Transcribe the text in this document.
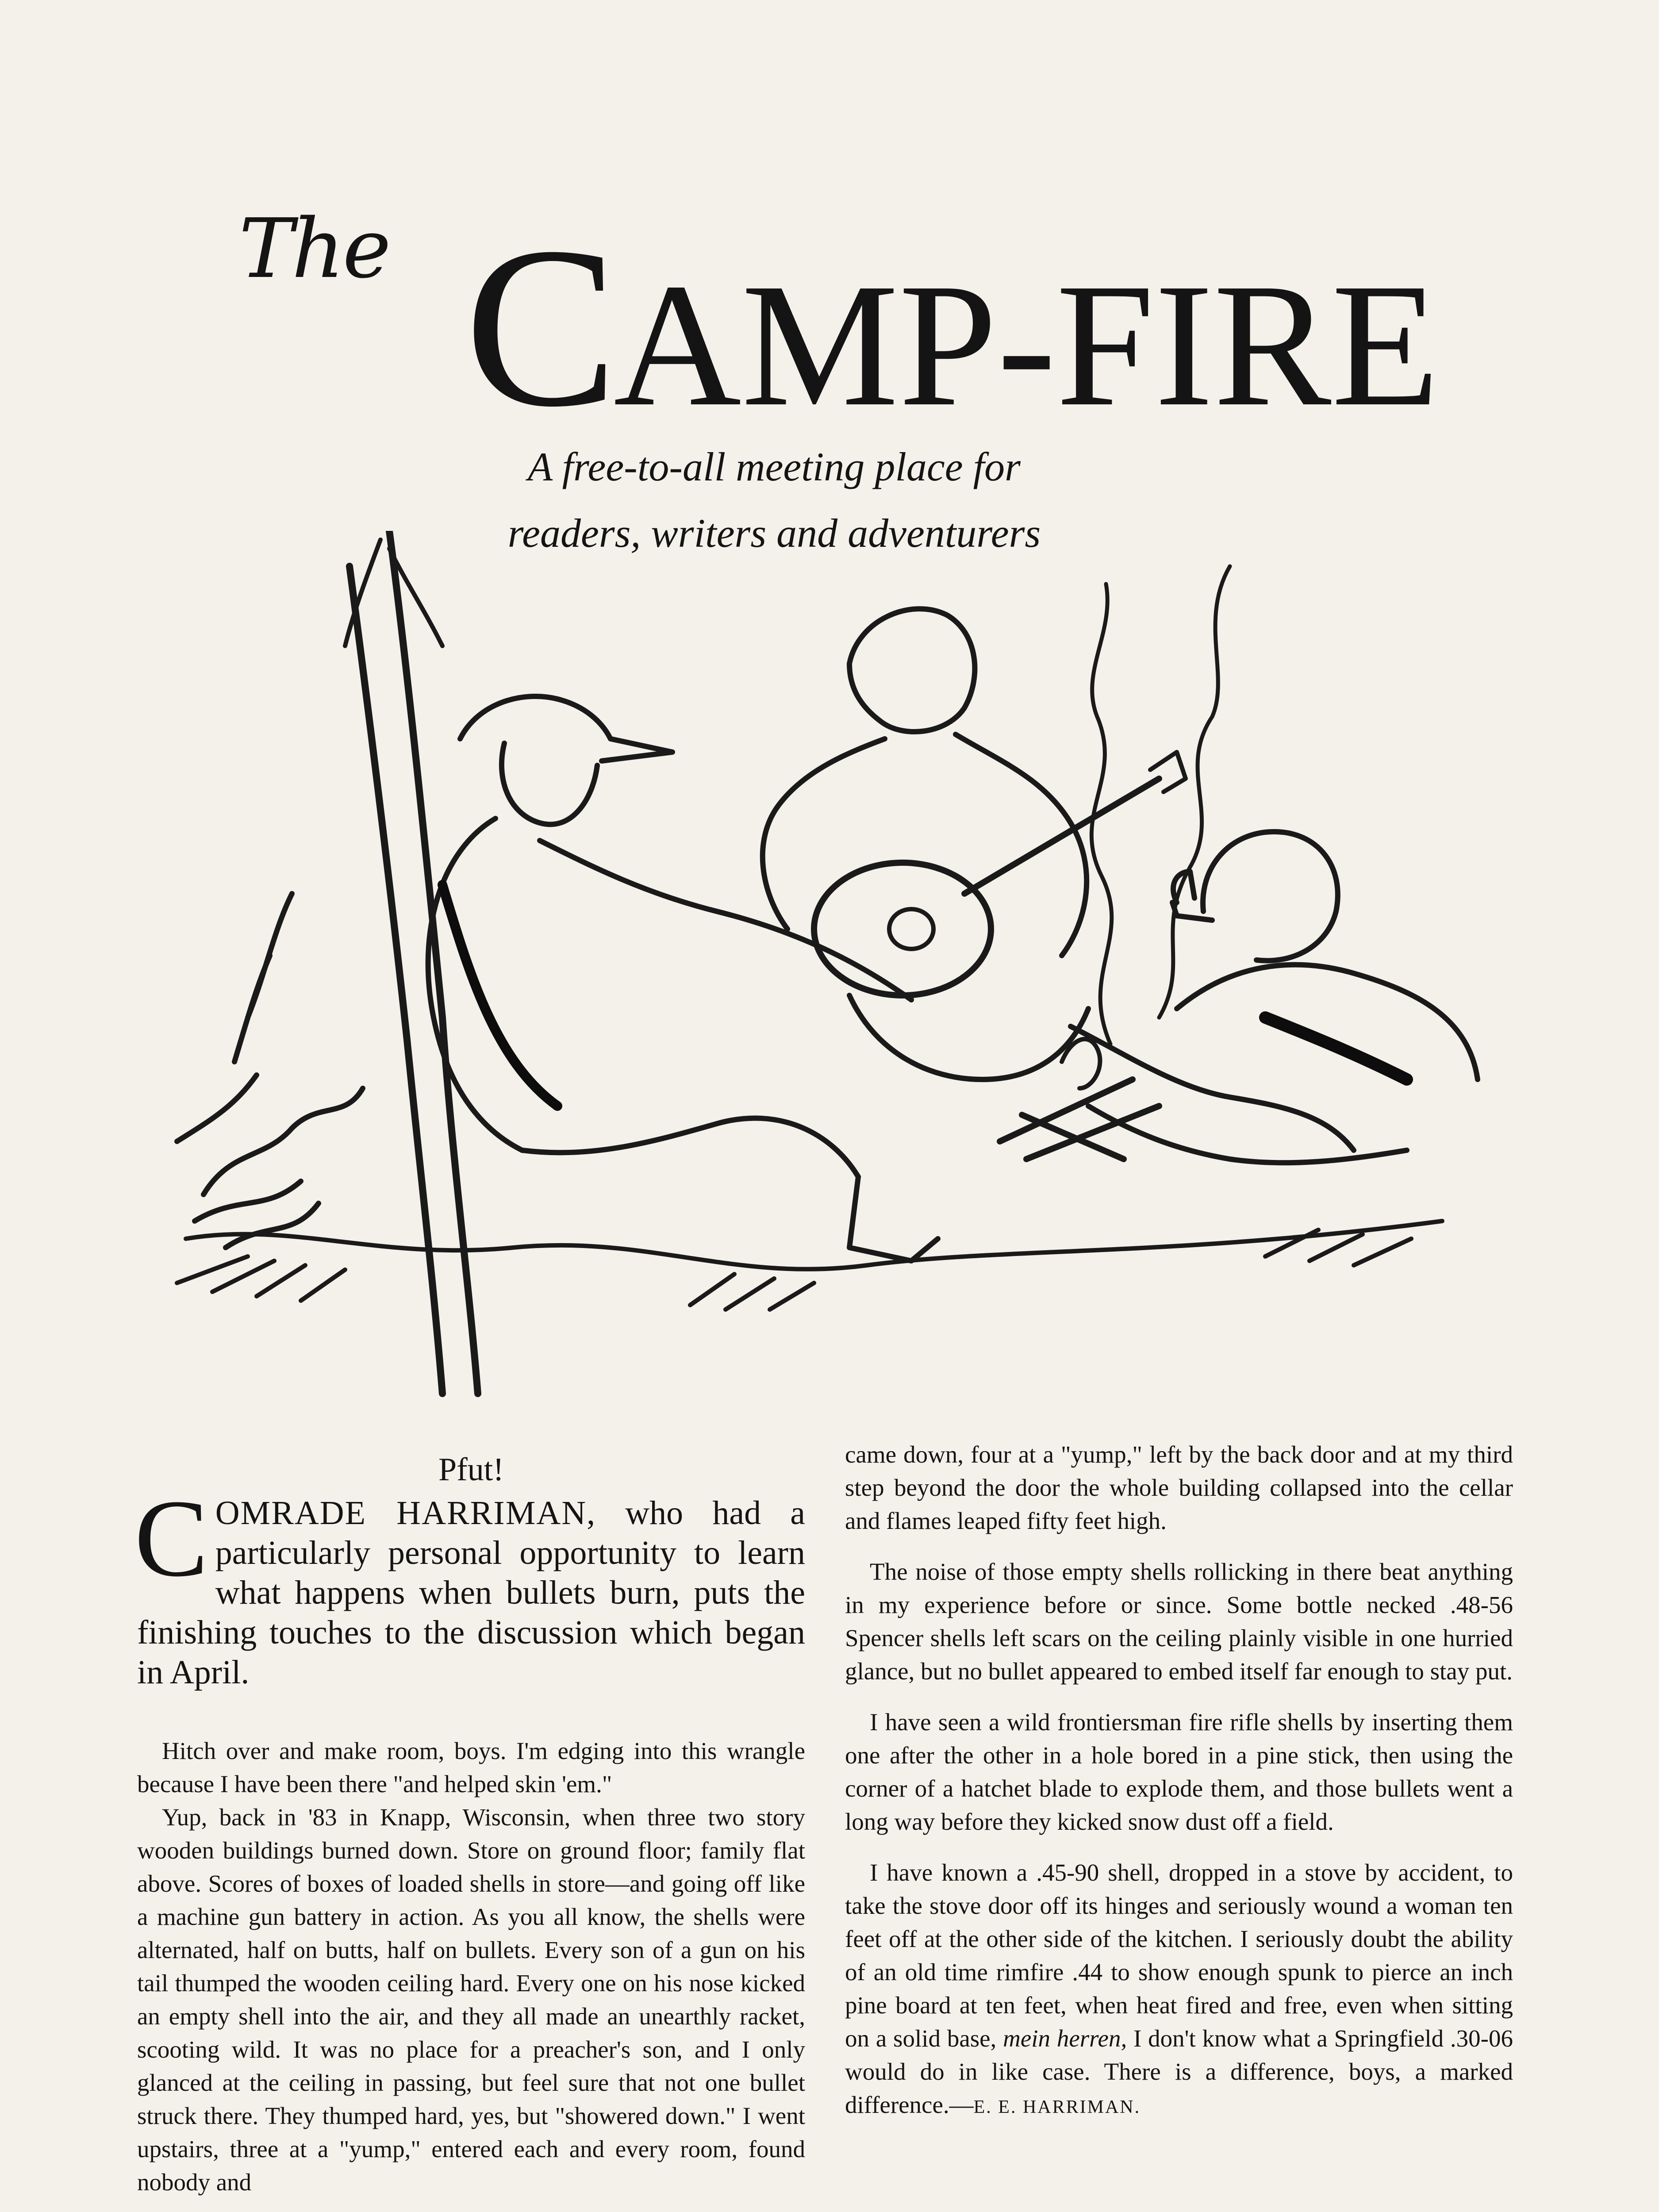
The C AMP-FIRE
A free-to-all meeting place for
readers, writers and adventurers
Pfut!

COMRADE HARRIMAN, who had a particularly personal opportunity to learn what happens when bullets burn, puts the finishing touches to the discussion which began in April.

Hitch over and make room, boys. I'm edging into this wrangle because I have been there "and helped skin 'em."

Yup, back in '83 in Knapp, Wisconsin, when three two story wooden buildings burned down. Store on ground floor; family flat above. Scores of boxes of loaded shells in store—and going off like a machine gun battery in action. As you all know, the shells were alternated, half on butts, half on bullets. Every son of a gun on his tail thumped the wooden ceiling hard. Every one on his nose kicked an empty shell into the air, and they all made an unearthly racket, scooting wild. It was no place for a preacher's son, and I only glanced at the ceiling in passing, but feel sure that not one bullet struck there. They thumped hard, yes, but "showered down." I went upstairs, three at a "yump," entered each and every room, found nobody and

came down, four at a "yump," left by the back door and at my third step beyond the door the whole building collapsed into the cellar and flames leaped fifty feet high.

The noise of those empty shells rollicking in there beat anything in my experience before or since. Some bottle necked .48-56 Spencer shells left scars on the ceiling plainly visible in one hurried glance, but no bullet appeared to embed itself far enough to stay put.

I have seen a wild frontiersman fire rifle shells by inserting them one after the other in a hole bored in a pine stick, then using the corner of a hatchet blade to explode them, and those bullets went a long way before they kicked snow dust off a field.

I have known a .45-90 shell, dropped in a stove by accident, to take the stove door off its hinges and seriously wound a woman ten feet off at the other side of the kitchen. I seriously doubt the ability of an old time rimfire .44 to show enough spunk to pierce an inch pine board at ten feet, when heat fired and free, even when sitting on a solid base, mein herren, I don't know what a Springfield .30-06 would do in like case. There is a difference, boys, a marked difference.—E. E. HARRIMAN.
